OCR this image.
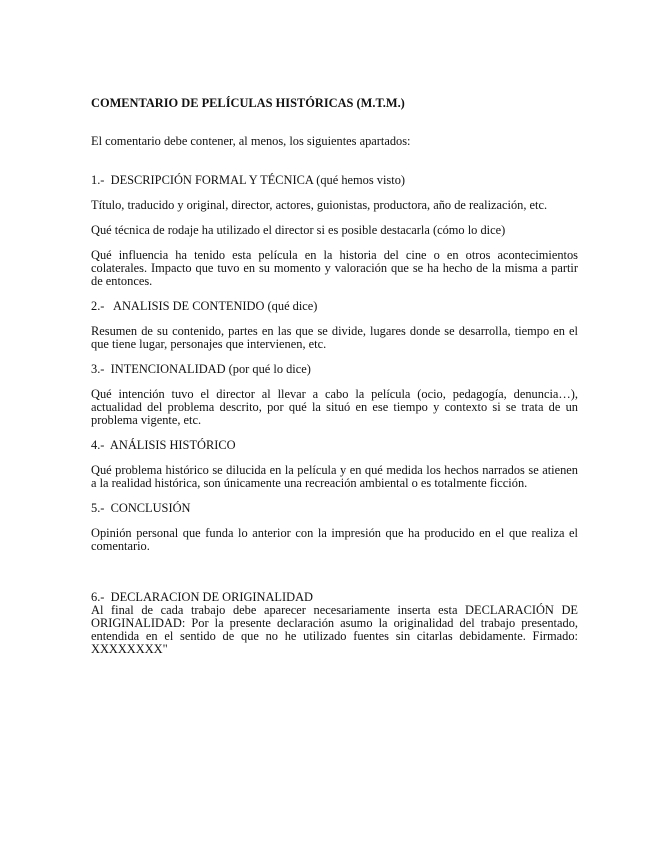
COMENTARIO DE PELÍCULAS HISTÓRICAS (M.T.M.)

El comentario debe contener, al menos, los siguientes apartados:

1.-  DESCRIPCIÓN FORMAL Y TÉCNICA (qué hemos visto)

Título, traducido y original, director, actores, guionistas, productora, año de realización, etc.

Qué técnica de rodaje ha utilizado el director si es posible destacarla (cómo lo dice)

Qué influencia ha tenido esta película en la historia del cine o en otros acontecimientos colaterales. Impacto que tuvo en su momento y valoración que se ha hecho de la misma a partir de entonces.

2.-   ANALISIS DE CONTENIDO (qué dice)

Resumen de su contenido, partes en las que se divide, lugares donde se desarrolla, tiempo en el que tiene lugar, personajes que intervienen, etc.

3.-  INTENCIONALIDAD (por qué lo dice)

Qué intención tuvo el director al llevar a cabo la película (ocio, pedagogía, denuncia…), actualidad del problema descrito, por qué la situó en ese tiempo y contexto si se trata de un problema vigente, etc.

4.-  ANÁLISIS HISTÓRICO

Qué problema histórico se dilucida en la película y en qué medida los hechos narrados se atienen a la realidad histórica, son únicamente una recreación ambiental o es totalmente ficción.

5.-  CONCLUSIÓN

Opinión personal que funda lo anterior con la impresión que ha producido en el que realiza el comentario.

6.-  DECLARACION DE ORIGINALIDAD

Al final de cada trabajo debe aparecer necesariamente inserta esta DECLARACIÓN DE ORIGINALIDAD: Por la presente declaración asumo la originalidad del trabajo presentado, entendida en el sentido de que no he utilizado fuentes sin citarlas debidamente. Firmado: XXXXXXXX"
